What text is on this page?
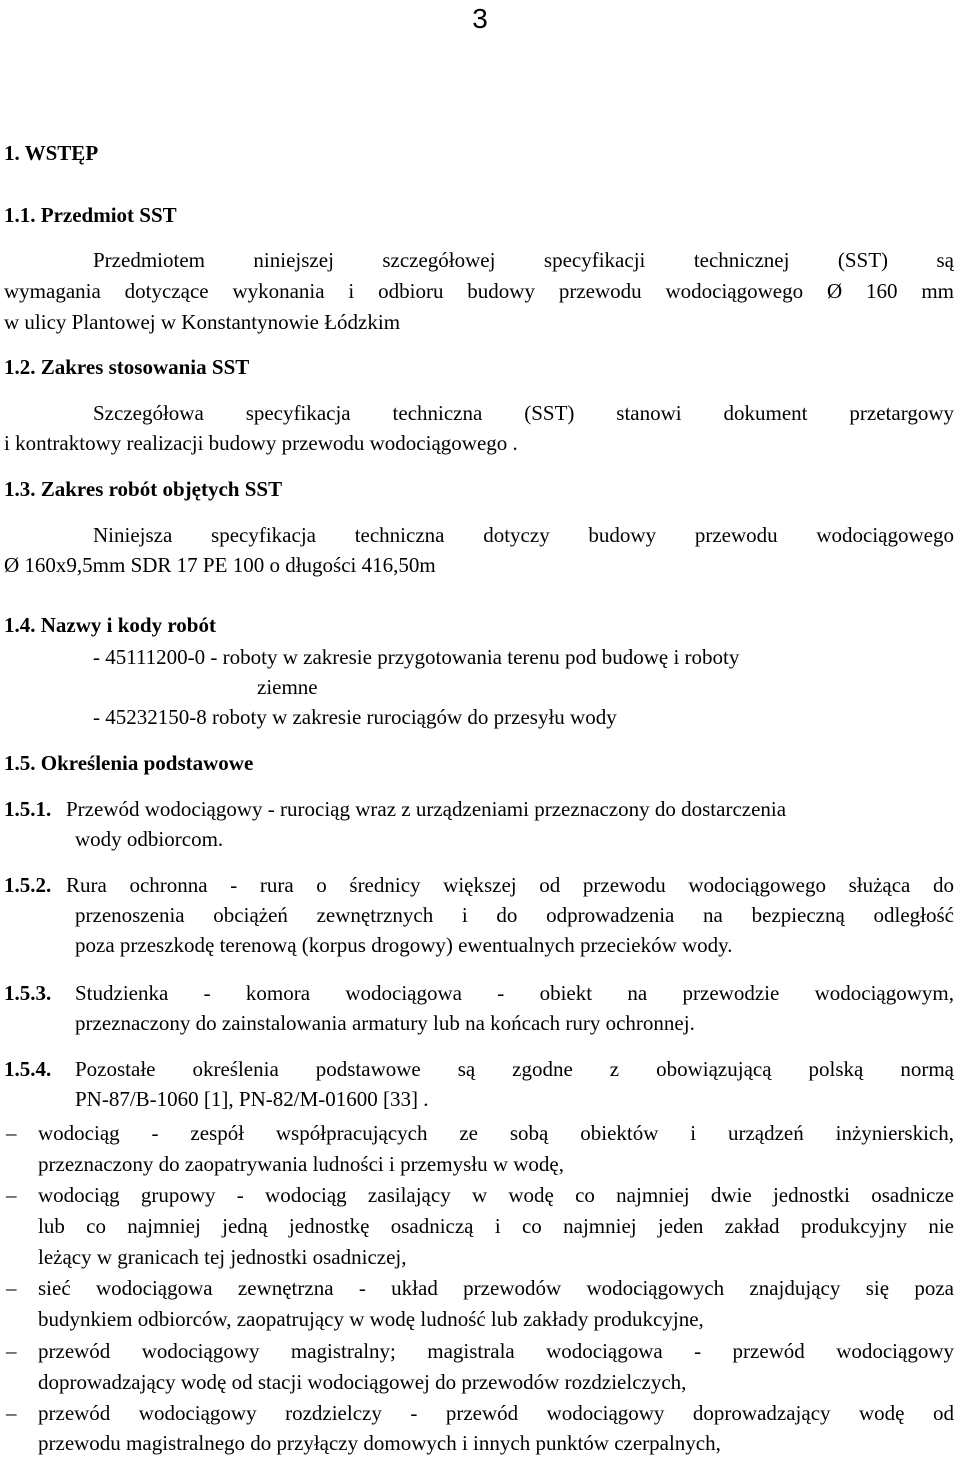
3
1. WSTĘP
1.1. Przedmiot SST
Przedmiotem niniejszej szczegółowej specyfikacji technicznej (SST) są
wymagania dotyczące wykonania i odbioru budowy przewodu wodociągowego Ø 160 mm
w ulicy Plantowej w Konstantynowie Łódzkim
1.2. Zakres stosowania SST
Szczegółowa specyfikacja techniczna (SST) stanowi dokument przetargowy
i kontraktowy realizacji budowy przewodu wodociągowego .
1.3. Zakres robót objętych SST
Niniejsza specyfikacja techniczna dotyczy budowy przewodu wodociągowego
Ø 160x9,5mm SDR 17 PE 100 o długości 416,50m
1.4. Nazwy i kody robót
- 45111200-0 - roboty w zakresie przygotowania terenu pod budowę i roboty
ziemne
- 45232150-8 roboty w zakresie rurociągów do przesyłu wody
1.5. Określenia podstawowe
1.5.1. Przewód wodociągowy - rurociąg wraz z urządzeniami przeznaczony do dostarczenia
wody odbiorcom.
1.5.2. Rura ochronna - rura o średnicy większej od przewodu wodociągowego służąca do
przenoszenia obciążeń zewnętrznych i do odprowadzenia na bezpieczną odległość
poza przeszkodę terenową (korpus drogowy) ewentualnych przecieków wody.
1.5.3. Studzienka - komora wodociągowa - obiekt na przewodzie wodociągowym,
przeznaczony do zainstalowania armatury lub na końcach rury ochronnej.
1.5.4. Pozostałe określenia podstawowe są zgodne z obowiązującą polską normą
PN-87/B-1060 [1], PN-82/M-01600 [33] .
–	wodociąg - zespół współpracujących ze sobą obiektów i urządzeń inżynierskich,
przeznaczony do zaopatrywania ludności i przemysłu w wodę,
–	wodociąg grupowy - wodociąg zasilający w wodę co najmniej dwie jednostki osadnicze
lub co najmniej jedną jednostkę osadniczą i co najmniej jeden zakład produkcyjny nie
leżący w granicach tej jednostki osadniczej,
–	sieć wodociągowa zewnętrzna - układ przewodów wodociągowych znajdujący się poza
budynkiem odbiorców, zaopatrujący w wodę ludność lub zakłady produkcyjne,
–	przewód wodociągowy magistralny; magistrala wodociągowa - przewód wodociągowy
doprowadzający wodę od stacji wodociągowej do przewodów rozdzielczych,
–	przewód wodociągowy rozdzielczy - przewód wodociągowy doprowadzający wodę od
przewodu magistralnego do przyłączy domowych i innych punktów czerpalnych,
